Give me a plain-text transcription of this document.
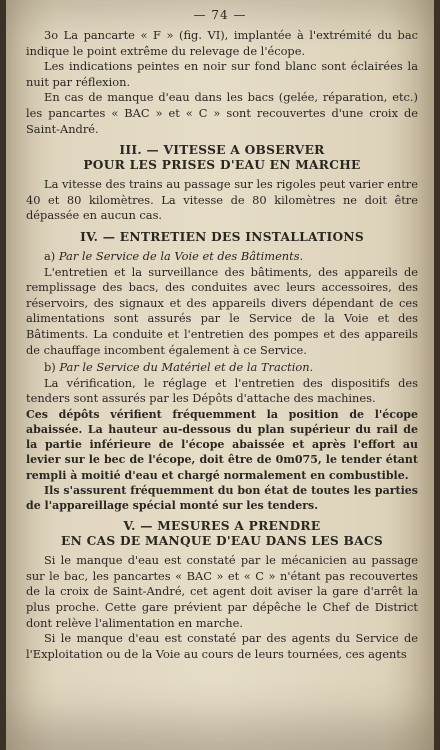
— 74 —

3o La pancarte « F » (fig. VI), implantée à l'extrémité du bac indique le point extrême du relevage de l'écope.

Les indications peintes en noir sur fond blanc sont éclairées la nuit par réflexion.

En cas de manque d'eau dans les bacs (gelée, réparation, etc.) les pancartes « BAC » et « C » sont recouvertes d'une croix de Saint-André.

III. — VITESSE A OBSERVER
POUR LES PRISES D'EAU EN MARCHE

La vitesse des trains au passage sur les rigoles peut varier entre 40 et 80 kilomètres. La vitesse de 80 kilomètres ne doit être dépassée en aucun cas.

IV. — ENTRETIEN DES INSTALLATIONS

a) Par le Service de la Voie et des Bâtiments.

L'entretien et la surveillance des bâtiments, des appareils de remplissage des bacs, des conduites avec leurs accessoires, des réservoirs, des signaux et des appareils divers dépendant de ces alimentations sont assurés par le Service de la Voie et des Bâtiments. La conduite et l'entretien des pompes et des appareils de chauffage incombent également à ce Service.

b) Par le Service du Matériel et de la Traction.

La vérification, le réglage et l'entretien des dispositifs des tenders sont assurés par les Dépôts d'attache des machines.

Ces dépôts vérifient fréquemment la position de l'écope abaissée. La hauteur au-dessous du plan supérieur du rail de la partie inférieure de l'écope abaissée et après l'effort au levier sur le bec de l'écope, doit être de 0m075, le tender étant rempli à moitié d'eau et chargé normalement en combustible.

Ils s'assurent fréquemment du bon état de toutes les parties de l'appareillage spécial monté sur les tenders.

V. — MESURES A PRENDRE
EN CAS DE MANQUE D'EAU DANS LES BACS

Si le manque d'eau est constaté par le mécanicien au passage sur le bac, les pancartes « BAC » et « C » n'étant pas recouvertes de la croix de Saint-André, cet agent doit aviser la gare d'arrêt la plus proche. Cette gare prévient par dépêche le Chef de District dont relève l'alimentation en marche.

Si le manque d'eau est constaté par des agents du Service de l'Exploitation ou de la Voie au cours de leurs tournées, ces agents
